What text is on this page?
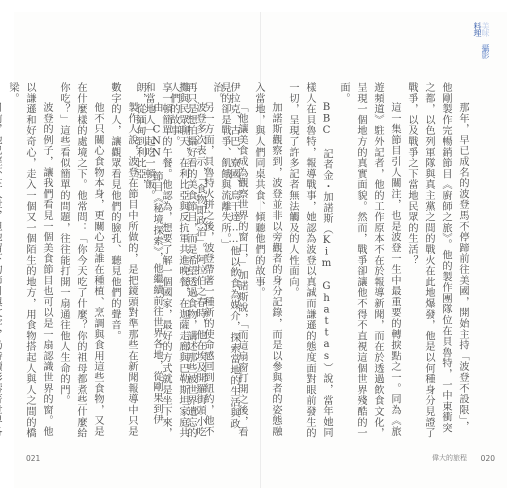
伊拉克、古巴、寮國、烏干達……他以飲食為媒介，探索當地的生活與政治。

波登多次表示，「食物即政治」。阿拉伯之春時，他在埃及開羅街頭小吃攤與民眾聊天，在利比亞與反抗軍共進晚餐，在迦薩走廊與巴勒斯坦家庭共享一頓簡單的午餐。他認為，想要了解一個國家，最好的方式就是坐下來，和當地人一起吃一頓飯。

製作人說，波登在節目中所做的，是把鏡頭對準那些在新聞報導中只是數字的人，讓觀眾看見他們的臉孔、聽見他們的聲音。

他不只關心食物本身，更關心是誰在種植、烹調與食用這些食物，又是在什麼樣的處境之下。他常問：「你今天吃了什麼？你的祖母都煮些什麼給你吃？」這些看似簡單的問題，往往能打開一扇通往他人生命的門。

波登的例子，讓我們看見一個美食節目也可以是一扇認識世界的窗。他以謙遜和好奇心，走入一個又一個陌生的地方，用食物搭起人與人之間的橋梁。

021
美味 攝影 料理

那年，早已成名的波登馬不停蹄前往美國，開始主持「波登不設限」，他剛製作完暢銷節目《廚師之旅》。他的製作團隊位在貝魯特，一中東衝突之都，以色列軍隊與真主黨之間的戰火在此地爆發，他是以何種身分見證了戰爭，以及戰爭之下當地民眾的生活？

這一集節目引人關注，也是波登一生中最重要的轉捩點之一。同為《旅遊頻道》駐外記者，他的工作原本不在於報導新聞，而在於透過飲食文化，呈現一個地方的真實面貌。然而，戰爭卻讓他不得不直視這個世界殘酷的一面。

BBC 記者金・加諾斯（Kim Ghattas）說，當年她同樣人在貝魯特，報導戰事，她認為波登以真誠而謙遜的態度面對眼前發生的一切，呈現了許多記者無法觸及的人性面向。

加諾斯觀察到，波登並非以旁觀者的身分記錄，而是以參與者的姿態融入當地，與人們同桌共食、傾聽他們的故事。

「他讓美食成為觀察世界的窗口，」加諾斯說，「而這扇窗打開之後，看見的卻是戰爭、飢餓與流離失所。」

另一方面，貝魯特火拼之後，波登帶著一種新的使命感回到紐約，他不再只是想拍攝好看的美食節目，而是希望透過食物，講述那些被世界遺忘的人們的故事。

由 CNN 節目《秘境探索》，他繼續前往世界各地，從剛果到伊朗，從緬甸到利比亞，

偉大的旅程 020
